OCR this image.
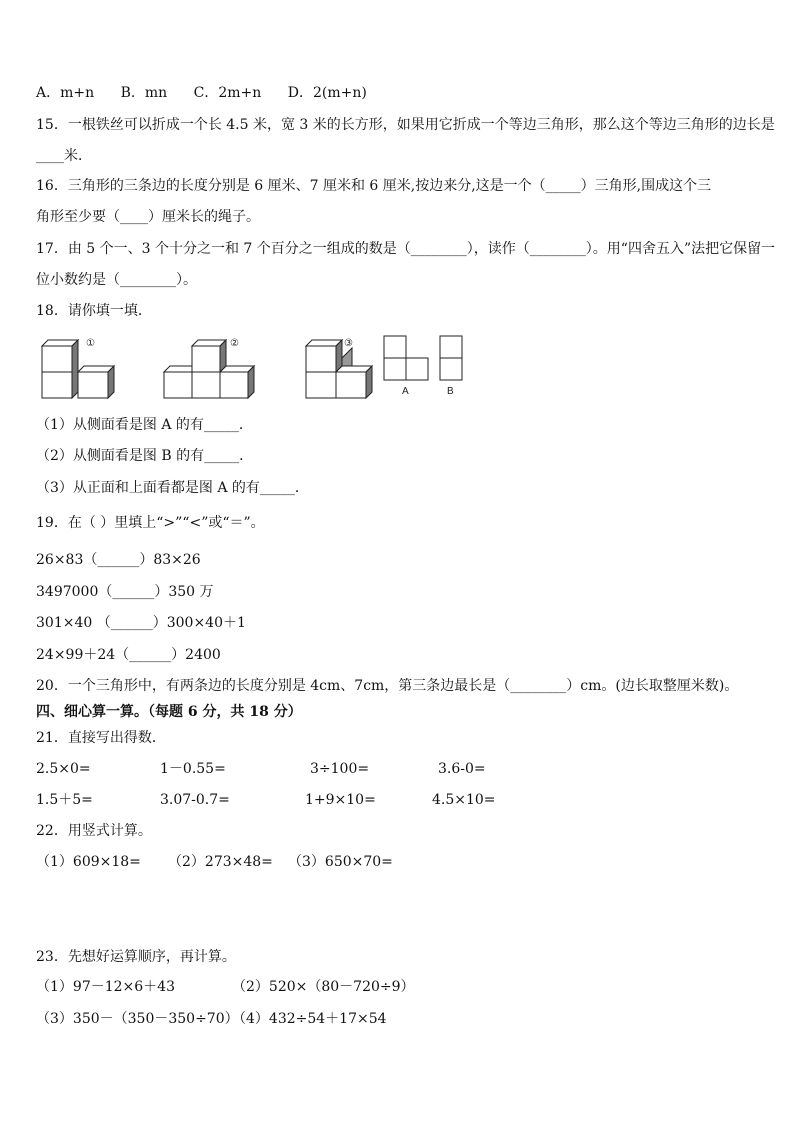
A．m+n B．mn C．2m+n D．2(m+n)
15．一根铁丝可以折成一个长 4.5 米，宽 3 米的长方形，如果用它折成一个等边三角形，那么这个等边三角形的边长是
____米．
16．三角形的三条边的长度分别是 6 厘米、7 厘米和 6 厘米,按边来分,这是一个（_____）三角形,围成这个三
角形至少要（____）厘米长的绳子。
17．由 5 个一、3 个十分之一和 7 个百分之一组成的数是（________），读作（________）。用“四舍五入”法把它保留一
位小数约是（________）。
18．请你填一填．
①	②	③
A	B
（1）从侧面看是图 A 的有_____．
（2）从侧面看是图 B 的有_____．
（3）从正面和上面看都是图 A 的有_____．
19．在（ ）里填上“>”“<”或“＝”。
26×83（______）83×26
3497000（______）350 万
301×40 （______）300×40＋1
24×99＋24（______）2400
20．一个三角形中，有两条边的长度分别是 4cm、7cm，第三条边最长是（________）cm。(边长取整厘米数)。
四、细心算一算。（每题 6 分，共 18 分）
21．直接写出得数．
2.5×0=	1－0.55=	3÷100=	3.6-0=
1.5＋5=	3.07-0.7=	1+9×10=	4.5×10=
22．用竖式计算。
（1）609×18= （2）273×48= （3）650×70=
23．先想好运算顺序，再计算。
（1）97－12×6＋43	（2）520×（80－720÷9）
（3）350－（350－350÷70）
（4）432÷54＋17×54
